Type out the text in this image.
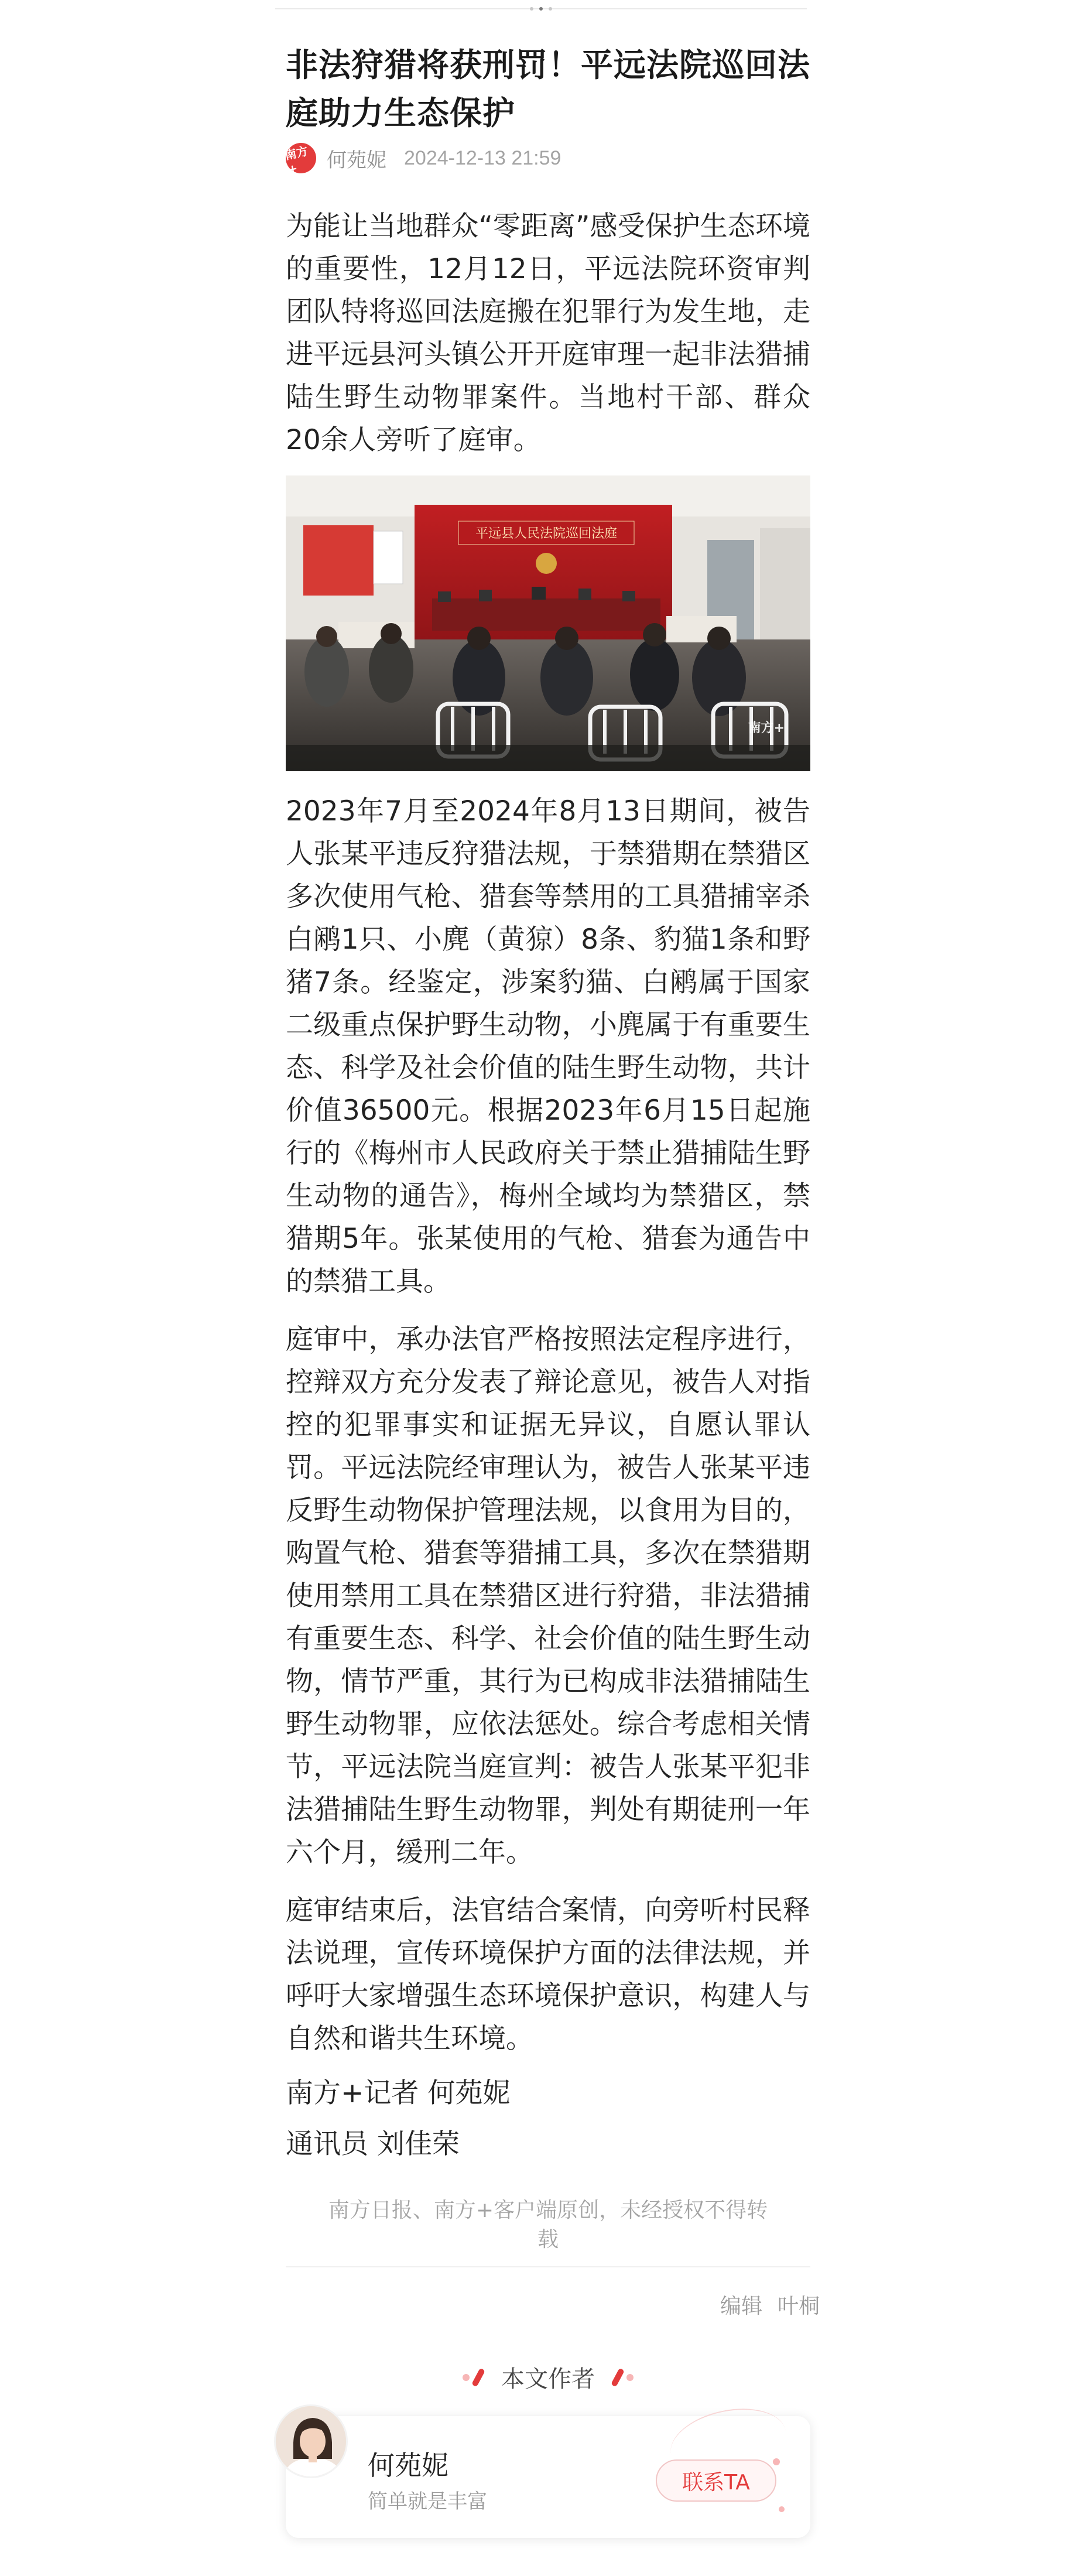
非法狩猎将获刑罚！平远法院巡回法庭助力生态保护
南方+	何苑妮 2024-12-13 21:59

为能让当地群众“零距离”感受保护生态环境的重要性，12月12日，平远法院环资审判团队特将巡回法庭搬在犯罪行为发生地，走进平远县河头镇公开开庭审理一起非法猎捕陆生野生动物罪案件。当地村干部、群众20余人旁听了庭审。

平远县人民法院巡回法庭
南方+

2023年7月至2024年8月13日期间，被告人张某平违反狩猎法规，于禁猎期在禁猎区多次使用气枪、猎套等禁用的工具猎捕宰杀白鹇1只、小麂（黄猄）8条、豹猫1条和野猪7条。经鉴定，涉案豹猫、白鹇属于国家二级重点保护野生动物，小麂属于有重要生态、科学及社会价值的陆生野生动物，共计价值36500元。根据2023年6月15日起施行的《梅州市人民政府关于禁止猎捕陆生野生动物的通告》，梅州全域均为禁猎区，禁猎期5年。张某使用的气枪、猎套为通告中的禁猎工具。

庭审中，承办法官严格按照法定程序进行，控辩双方充分发表了辩论意见，被告人对指控的犯罪事实和证据无异议，自愿认罪认罚。平远法院经审理认为，被告人张某平违反野生动物保护管理法规，以食用为目的，购置气枪、猎套等猎捕工具，多次在禁猎期使用禁用工具在禁猎区进行狩猎，非法猎捕有重要生态、科学、社会价值的陆生野生动物，情节严重，其行为已构成非法猎捕陆生野生动物罪，应依法惩处。综合考虑相关情节，平远法院当庭宣判：被告人张某平犯非法猎捕陆生野生动物罪，判处有期徒刑一年六个月，缓刑二年。

庭审结束后，法官结合案情，向旁听村民释法说理，宣传环境保护方面的法律法规，并呼吁大家增强生态环境保护意识，构建人与自然和谐共生环境。

南方+记者 何苑妮

通讯员 刘佳荣

南方日报、南方+客户端原创，未经授权不得转载

编辑 叶桐
本文作者
何苑妮
简单就是丰富
联系TA
